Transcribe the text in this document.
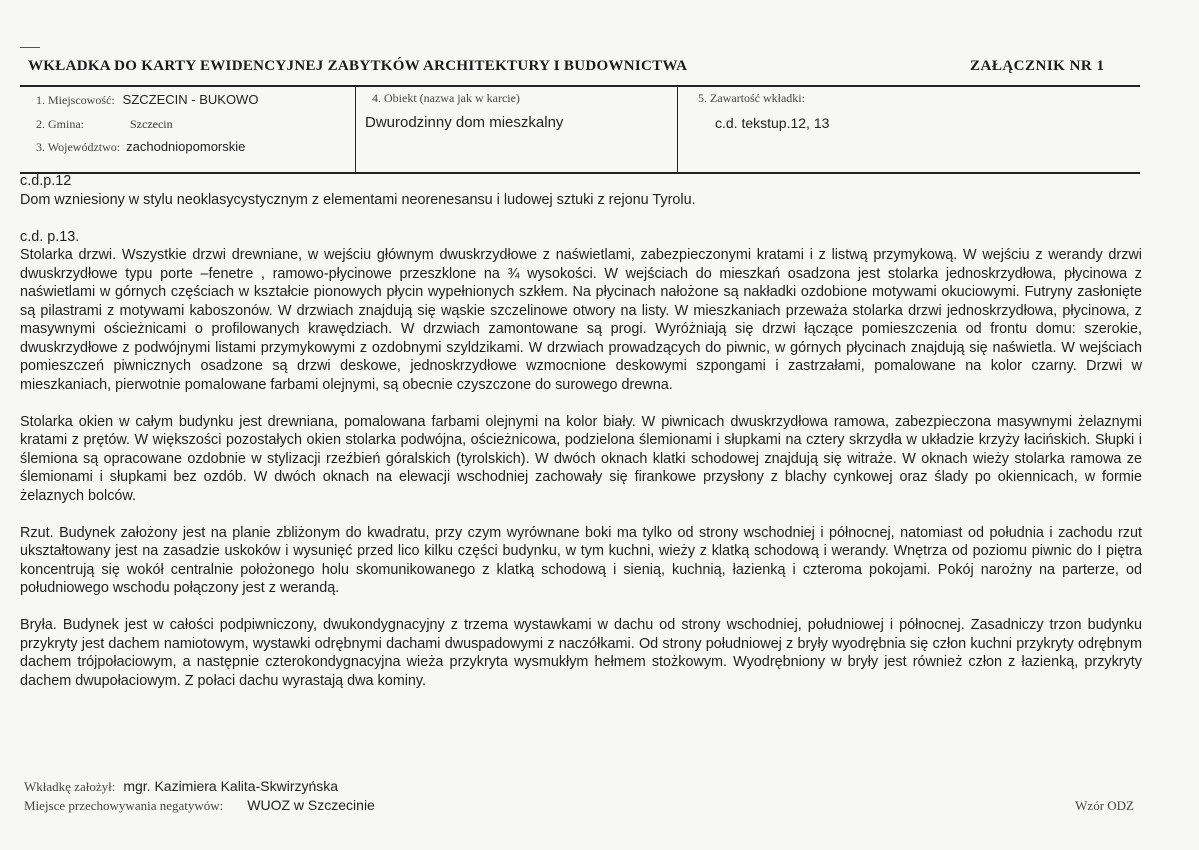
WKŁADKA DO KARTY EWIDENCYJNEJ ZABYTKÓW ARCHITEKTURY I BUDOWNICTWA	ZAŁĄCZNIK NR 1
1. Miejscowość: SZCZECIN - BUKOWO
2. Gmina:	Szczecin
3. Województwo: zachodniopomorskie
4. Obiekt (nazwa jak w karcie)
Dwurodzinny dom mieszkalny
5. Zawartość wkładki:
c.d. tekstup.12, 13

c.d.p.12

Dom wzniesiony w stylu neoklasycystycznym z elementami neorenesansu i ludowej sztuki z rejonu Tyrolu.

c.d. p.13.

Stolarka drzwi. Wszystkie drzwi drewniane, w wejściu głównym dwuskrzydłowe z naświetlami, zabezpieczonymi kratami i z listwą przymykową. W wejściu z werandy drzwi dwuskrzydłowe typu porte –fenetre , ramowo-płycinowe przeszklone na ¾ wysokości. W wejściach do mieszkań osadzona jest stolarka jednoskrzydłowa, płycinowa z naświetlami w górnych częściach w kształcie pionowych płycin wypełnionych szkłem. Na płycinach nałożone są nakładki ozdobione motywami okuciowymi. Futryny zasłonięte są pilastrami z motywami kaboszonów. W drzwiach znajdują się wąskie szczelinowe otwory na listy. W mieszkaniach przeważa stolarka drzwi jednoskrzydłowa, płycinowa, z masywnymi ościeżnicami o profilowanych krawędziach. W drzwiach zamontowane są progi. Wyróżniają się drzwi łączące pomieszczenia od frontu domu: szerokie, dwuskrzydłowe z podwójnymi listami przymykowymi z ozdobnymi szyldzikami. W drzwiach prowadzących do piwnic, w górnych płycinach znajdują się naświetla. W wejściach pomieszczeń piwnicznych osadzone są drzwi deskowe, jednoskrzydłowe wzmocnione deskowymi szpongami i zastrzałami, pomalowane na kolor czarny. Drzwi w mieszkaniach, pierwotnie pomalowane farbami olejnymi, są obecnie czyszczone do surowego drewna.

Stolarka okien w całym budynku jest drewniana, pomalowana farbami olejnymi na kolor biały. W piwnicach dwuskrzydłowa ramowa, zabezpieczona masywnymi żelaznymi kratami z prętów. W większości pozostałych okien stolarka podwójna, ościeżnicowa, podzielona ślemionami i słupkami na cztery skrzydła w układzie krzyży łacińskich. Słupki i ślemiona są opracowane ozdobnie w stylizacji rzeźbień góralskich (tyrolskich). W dwóch oknach klatki schodowej znajdują się witraże. W oknach wieży stolarka ramowa ze ślemionami i słupkami bez ozdób. W dwóch oknach na elewacji wschodniej zachowały się firankowe przysłony z blachy cynkowej oraz ślady po okiennicach, w formie żelaznych bolców.

Rzut. Budynek założony jest na planie zbliżonym do kwadratu, przy czym wyrównane boki ma tylko od strony wschodniej i północnej, natomiast od południa i zachodu rzut ukształtowany jest na zasadzie uskoków i wysunięć przed lico kilku części budynku, w tym kuchni, wieży z klatką schodową i werandy. Wnętrza od poziomu piwnic do I piętra koncentrują się wokół centralnie położonego holu skomunikowanego z klatką schodową i sienią, kuchnią, łazienką i czteroma pokojami. Pokój narożny na parterze, od południowego wschodu połączony jest z werandą.

Bryła. Budynek jest w całości podpiwniczony, dwukondygnacyjny z trzema wystawkami w dachu od strony wschodniej, południowej i północnej. Zasadniczy trzon budynku przykryty jest dachem namiotowym, wystawki odrębnymi dachami dwuspadowymi z naczółkami. Od strony południowej z bryły wyodrębnia się człon kuchni przykryty odrębnym dachem trójpołaciowym, a następnie czterokondygnacyjna wieża przykryta wysmukłym hełmem stożkowym. Wyodrębniony w bryły jest również człon z łazienką, przykryty dachem dwupołaciowym. Z połaci dachu wyrastają dwa kominy.

Wkładkę założył: mgr. Kazimiera Kalita-Skwirzyńska
Miejsce przechowywania negatywów: WUOZ w Szczecinie	Wzór ODZ
